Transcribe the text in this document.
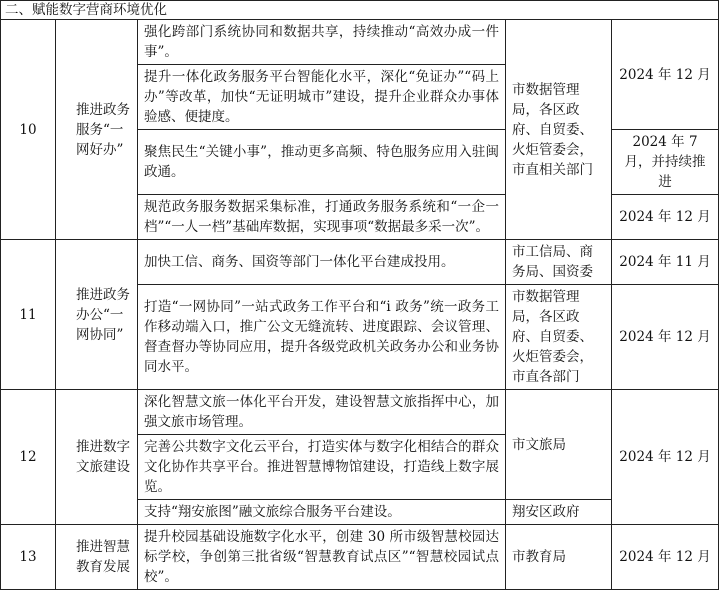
二、赋能数字营商环境优化				
10	推进政务服务“一网好办”	强化跨部门系统协同和数据共享，持续推动“高效办成一件事”。	市数据管理局，各区政府、自贸委、火炬管委会，市直相关部门	2024 年 12 月
		提升一体化政务服务平台智能化水平，深化“免证办”“码上办”等改革，加快“无证明城市”建设，提升企业群众办事体验感、便捷度。		
		聚焦民生“关键小事”，推动更多高频、特色服务应用入驻闽政通。		2024 年 7 月，并持续推进
		规范政务服务数据采集标准，打通政务服务系统和“一企一档”“一人一档”基础库数据，实现事项“数据最多采一次”。		2024 年 12 月

11	推进政务办公“一网协同”	加快工信、商务、国资等部门一体化平台建成投用。	市工信局、商务局、国资委	2024 年 11 月
		打造“一网协同”一站式政务工作平台和“i 政务”统一政务工作移动端入口，推广公文无缝流转、进度跟踪、会议管理、督查督办等协同应用，提升各级党政机关政务办公和业务协同水平。	市数据管理局，各区政府、自贸委、火炬管委会，市直各部门	2024 年 12 月
12	推进数字文旅建设	深化智慧文旅一体化平台开发，建设智慧文旅指挥中心，加强文旅市场管理。	市文旅局	2024 年 12 月
		完善公共数字文化云平台，打造实体与数字化相结合的群众文化协作共享平台。推进智慧博物馆建设，打造线上数字展览。		
		支持“翔安旅图”融文旅综合服务平台建设。	翔安区政府	
13	推进智慧教育发展	提升校园基础设施数字化水平，创建 30 所市级智慧校园达标学校，争创第三批省级“智慧教育试点区”“智慧校园试点校”。	市教育局	2024 年 12 月
